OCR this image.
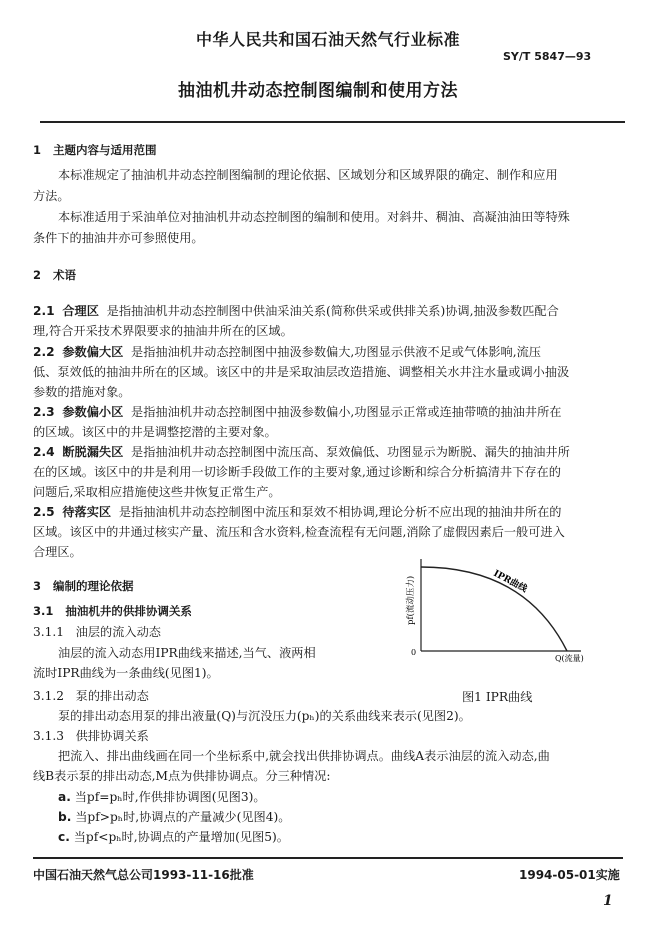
中华人民共和国石油天然气行业标准
SY/T 5847—93
抽油机井动态控制图编制和使用方法
1 主题内容与适用范围
本标准规定了抽油机井动态控制图编制的理论依据、区域划分和区域界限的确定、制作和应用
方法。
本标准适用于采油单位对抽油机井动态控制图的编制和使用。对斜井、稠油、高凝油油田等特殊
条件下的抽油井亦可参照使用。
2 术语
2.1 合理区 是指抽油机井动态控制图中供油采油关系(简称供采或供排关系)协调,抽汲参数匹配合
理,符合开采技术界限要求的抽油井所在的区域。
2.2 参数偏大区 是指抽油机井动态控制图中抽汲参数偏大,功图显示供液不足或气体影响,流压
低、泵效低的抽油井所在的区域。该区中的井是采取油层改造措施、调整相关水井注水量或调小抽汲
参数的措施对象。
2.3 参数偏小区 是指抽油机井动态控制图中抽汲参数偏小,功图显示正常或连抽带喷的抽油井所在
的区域。该区中的井是调整挖潜的主要对象。
2.4 断脱漏失区 是指抽油机井动态控制图中流压高、泵效偏低、功图显示为断脱、漏失的抽油井所
在的区域。该区中的井是利用一切诊断手段做工作的主要对象,通过诊断和综合分析搞清井下存在的
问题后,采取相应措施使这些井恢复正常生产。
2.5 待落实区 是指抽油机井动态控制图中流压和泵效不相协调,理论分析不应出现的抽油井所在的
区域。该区中的井通过核实产量、流压和含水资料,检查流程有无问题,消除了虚假因素后一般可进入
合理区。
3 编制的理论依据
3.1 抽油机井的供排协调关系
3.1.1 油层的流入动态
油层的流入动态用IPR曲线来描述,当气、液两相
流时IPR曲线为一条曲线(见图1)。
3.1.2 泵的排出动态
泵的排出动态用泵的排出液量(Q)与沉没压力(pₕ)的关系曲线来表示(见图2)。
3.1.3 供排协调关系
把流入、排出曲线画在同一个坐标系中,就会找出供排协调点。曲线A表示油层的流入动态,曲
线B表示泵的排出动态,M点为供排协调点。分三种情况:
a. 当pf=pₕ时,作供排协调图(见图3)。
b. 当pf>pₕ时,协调点的产量减少(见图4)。
c. 当pf<pₕ时,协调点的产量增加(见图5)。
pf(流动压力)	IPR曲线
0
Q(流量)
图1 IPR曲线
中国石油天然气总公司1993-11-16批准	1994-05-01实施
1
